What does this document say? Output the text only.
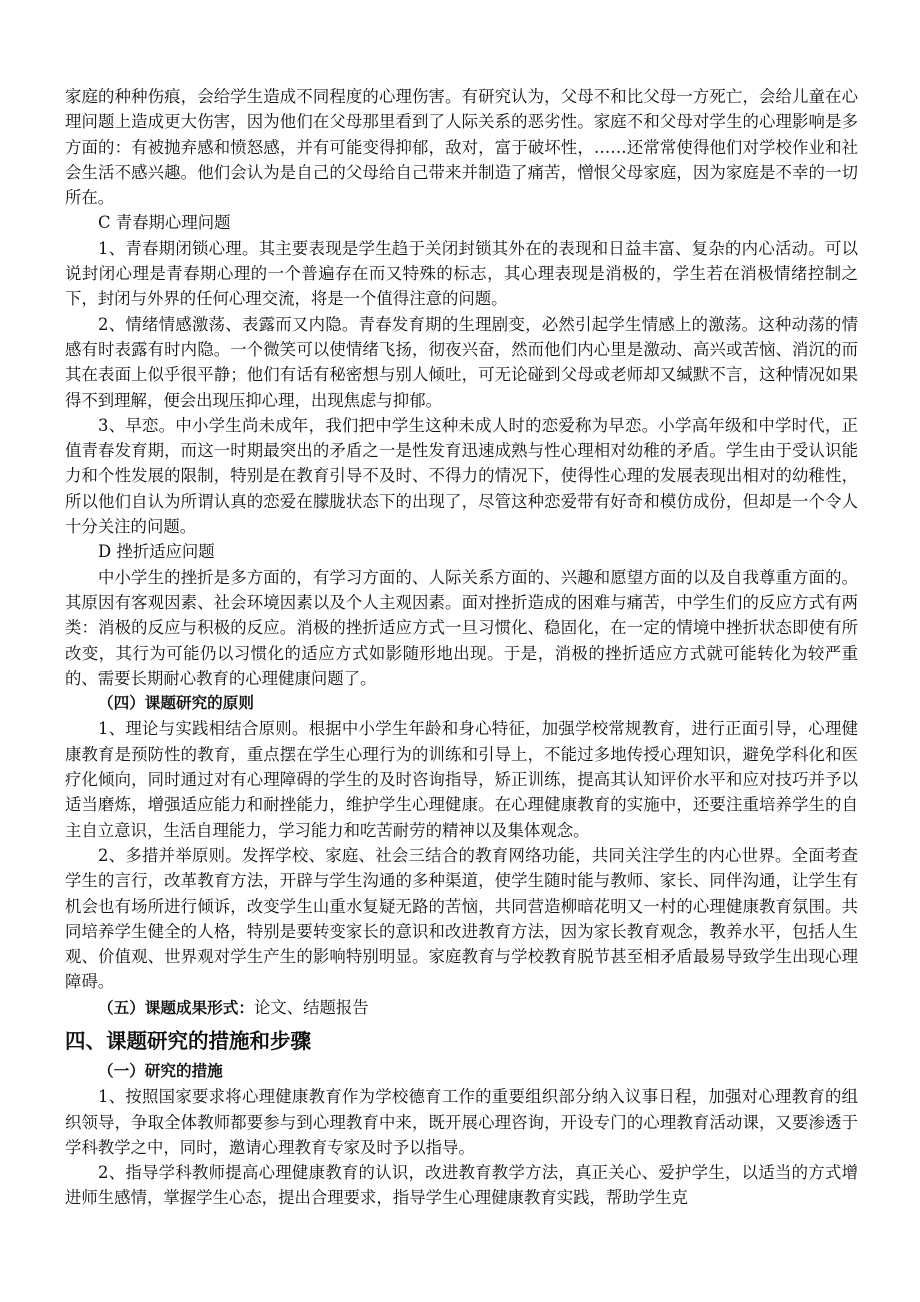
家庭的种种伤痕，会给学生造成不同程度的心理伤害。有研究认为，父母不和比父母一方死亡，会给儿童在心理问题上造成更大伤害，因为他们在父母那里看到了人际关系的恶劣性。家庭不和父母对学生的心理影响是多方面的：有被抛弃感和愤怒感，并有可能变得抑郁，敌对，富于破坏性，……还常常使得他们对学校作业和社会生活不感兴趣。他们会认为是自己的父母给自己带来并制造了痛苦，憎恨父母家庭，因为家庭是不幸的一切所在。

C 青春期心理问题

1、青春期闭锁心理。其主要表现是学生趋于关闭封锁其外在的表现和日益丰富、复杂的内心活动。可以说封闭心理是青春期心理的一个普遍存在而又特殊的标志，其心理表现是消极的，学生若在消极情绪控制之下，封闭与外界的任何心理交流，将是一个值得注意的问题。

2、情绪情感激荡、表露而又内隐。青春发育期的生理剧变，必然引起学生情感上的激荡。这种动荡的情感有时表露有时内隐。一个微笑可以使情绪飞扬，彻夜兴奋，然而他们内心里是激动、高兴或苦恼、消沉的而其在表面上似乎很平静；他们有话有秘密想与别人倾吐，可无论碰到父母或老师却又缄默不言，这种情况如果得不到理解，便会出现压抑心理，出现焦虑与抑郁。

3、早恋。中小学生尚未成年，我们把中学生这种未成人时的恋爱称为早恋。小学高年级和中学时代，正值青春发育期，而这一时期最突出的矛盾之一是性发育迅速成熟与性心理相对幼稚的矛盾。学生由于受认识能力和个性发展的限制，特别是在教育引导不及时、不得力的情况下，使得性心理的发展表现出相对的幼稚性，所以他们自认为所谓认真的恋爱在朦胧状态下的出现了，尽管这种恋爱带有好奇和模仿成份，但却是一个令人十分关注的问题。

D 挫折适应问题

中小学生的挫折是多方面的，有学习方面的、人际关系方面的、兴趣和愿望方面的以及自我尊重方面的。其原因有客观因素、社会环境因素以及个人主观因素。面对挫折造成的困难与痛苦，中学生们的反应方式有两类：消极的反应与积极的反应。消极的挫折适应方式一旦习惯化、稳固化，在一定的情境中挫折状态即使有所改变，其行为可能仍以习惯化的适应方式如影随形地出现。于是，消极的挫折适应方式就可能转化为较严重的、需要长期耐心教育的心理健康问题了。

（四）课题研究的原则

1、理论与实践相结合原则。根据中小学生年龄和身心特征，加强学校常规教育，进行正面引导，心理健康教育是预防性的教育，重点摆在学生心理行为的训练和引导上，不能过多地传授心理知识，避免学科化和医疗化倾向，同时通过对有心理障碍的学生的及时咨询指导，矫正训练，提高其认知评价水平和应对技巧并予以适当磨炼，增强适应能力和耐挫能力，维护学生心理健康。在心理健康教育的实施中，还要注重培养学生的自主自立意识，生活自理能力，学习能力和吃苦耐劳的精神以及集体观念。

2、多措并举原则。发挥学校、家庭、社会三结合的教育网络功能，共同关注学生的内心世界。全面考查学生的言行，改革教育方法，开辟与学生沟通的多种渠道，使学生随时能与教师、家长、同伴沟通，让学生有机会也有场所进行倾诉，改变学生山重水复疑无路的苦恼，共同营造柳暗花明又一村的心理健康教育氛围。共同培养学生健全的人格，特别是要转变家长的意识和改进教育方法，因为家长教育观念，教养水平，包括人生观、价值观、世界观对学生产生的影响特别明显。家庭教育与学校教育脱节甚至相矛盾最易导致学生出现心理障碍。

（五）课题成果形式：论文、结题报告

四、课题研究的措施和步骤

（一）研究的措施

1、按照国家要求将心理健康教育作为学校德育工作的重要组织部分纳入议事日程，加强对心理教育的组织领导，争取全体教师都要参与到心理教育中来，既开展心理咨询，开设专门的心理教育活动课，又要渗透于学科教学之中，同时，邀请心理教育专家及时予以指导。

2、指导学科教师提高心理健康教育的认识，改进教育教学方法，真正关心、爱护学生，以适当的方式增进师生感情，掌握学生心态，提出合理要求，指导学生心理健康教育实践，帮助学生克
